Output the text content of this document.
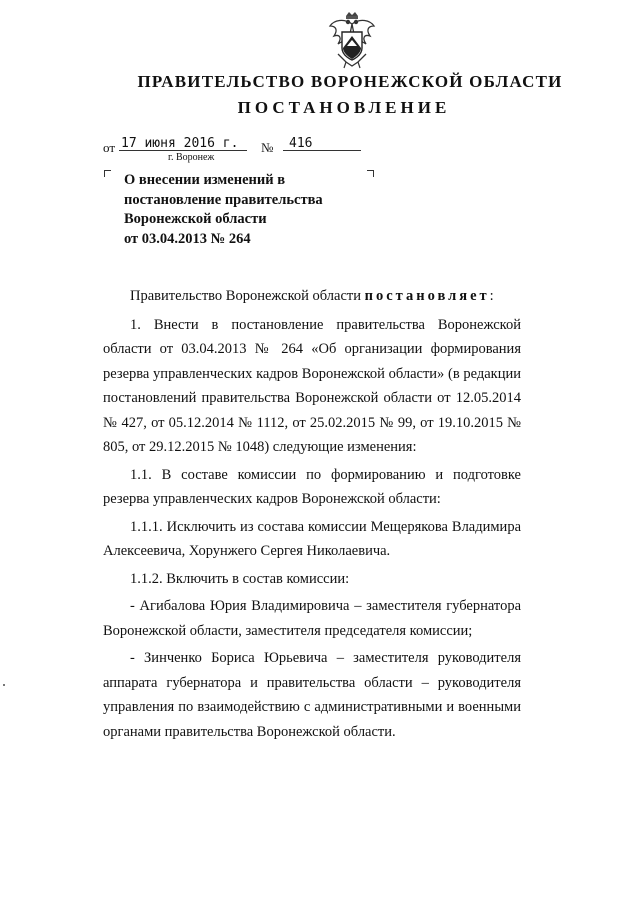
ПРАВИТЕЛЬСТВО ВОРОНЕЖСКОЙ ОБЛАСТИ
ПОСТАНОВЛЕНИЕ
от 17 июня 2016 г.	№	416
г. Воронеж
О внесении изменений в
постановление правительства
Воронежской области
от 03.04.2013 № 264

Правительство Воронежской области постановляет:

1. Внести в постановление правительства Воронежской области от 03.04.2013 № 264 «Об организации формирования резерва управленческих кадров Воронежской области» (в редакции постановлений правительства Воронежской области от 12.05.2014 № 427, от 05.12.2014 № 1112, от 25.02.2015 № 99, от 19.10.2015 № 805, от 29.12.2015 № 1048) следующие изменения:

1.1. В составе комиссии по формированию и подготовке резерва управленческих кадров Воронежской области:

1.1.1. Исключить из состава комиссии Мещерякова Владимира Алексеевича, Хорунжего Сергея Николаевича.

1.1.2. Включить в состав комиссии:

- Агибалова Юрия Владимировича – заместителя губернатора Воронежской области, заместителя председателя комиссии;

- Зинченко Бориса Юрьевича – заместителя руководителя аппарата губернатора и правительства области – руководителя управления по взаимодействию с административными и военными органами правительства Воронежской области.
